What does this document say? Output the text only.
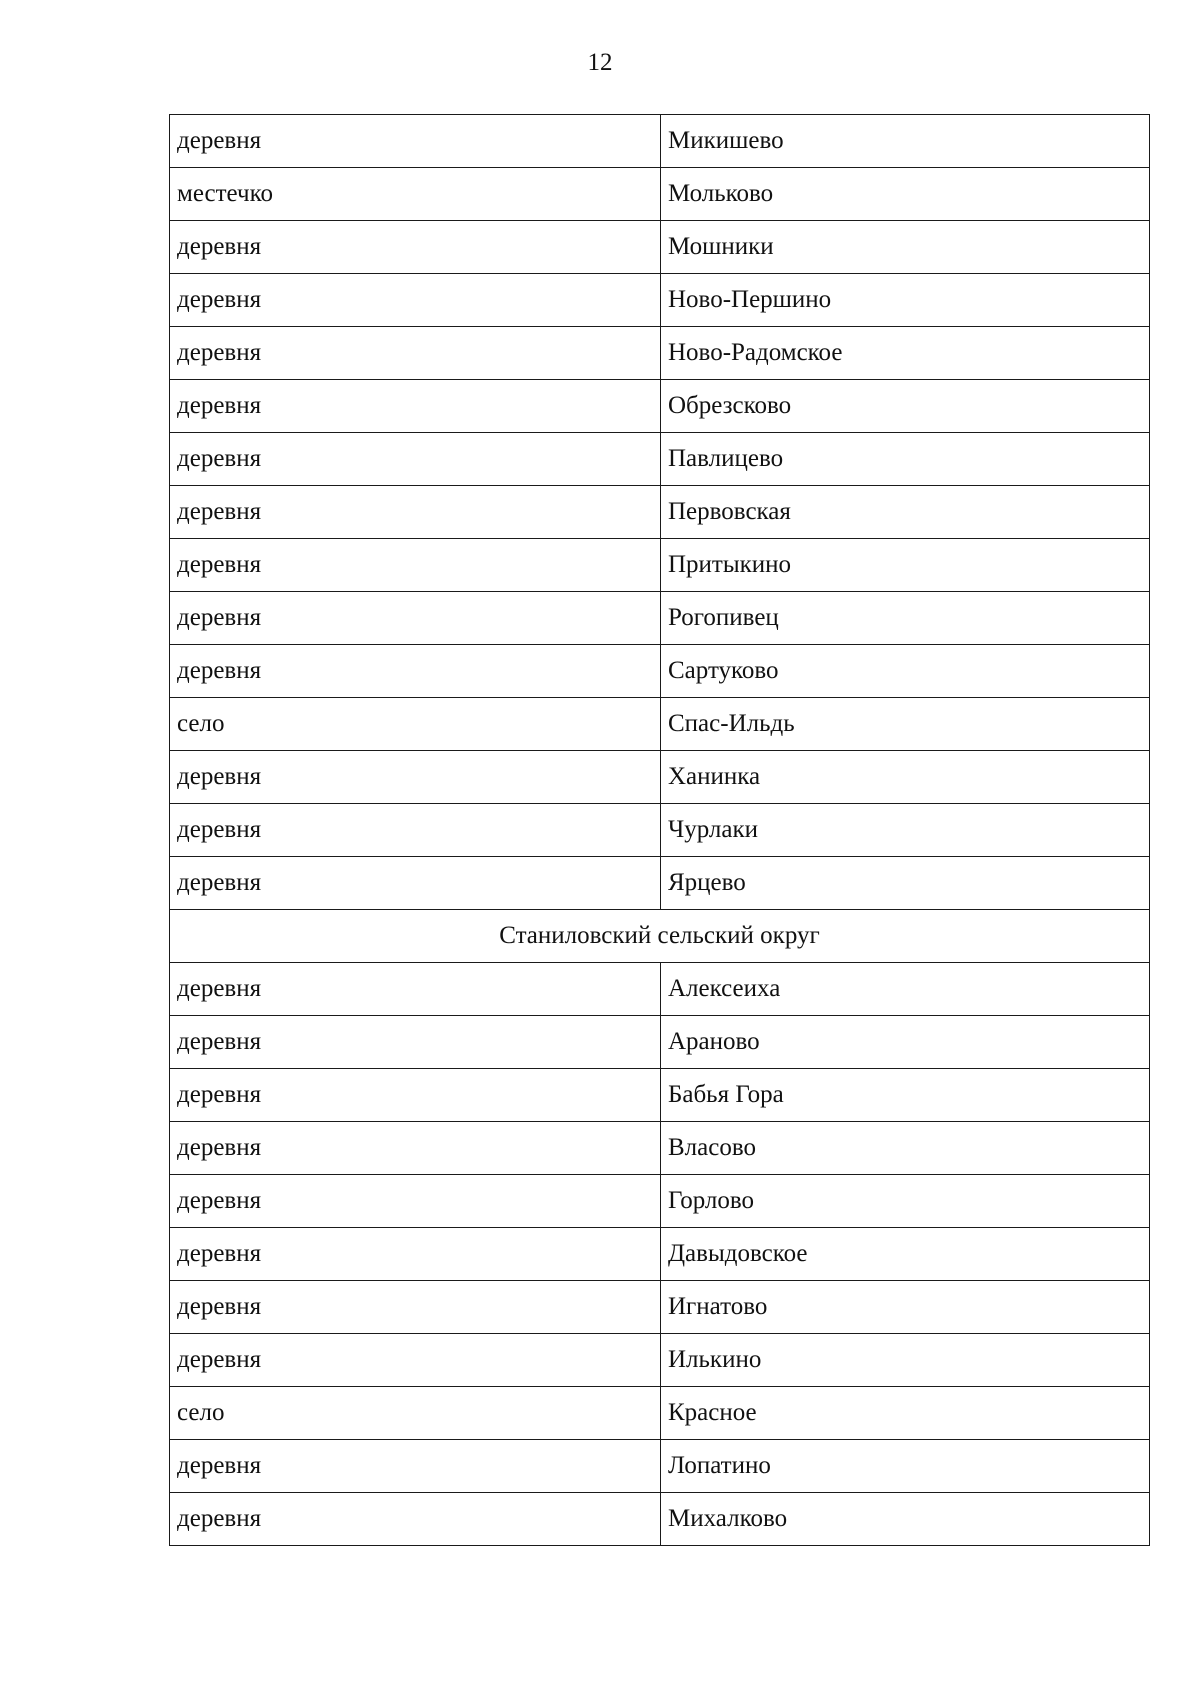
12
деревня	Микишево
местечко	Мольково
деревня	Мошники
деревня	Ново-Першино
деревня	Ново-Радомское
деревня	Обрезсково
деревня	Павлицево
деревня	Первовская
деревня	Притыкино
деревня	Рогопивец
деревня	Сартуково
село	Спас-Ильдь
деревня	Ханинка
деревня	Чурлаки
деревня	Ярцево
Станиловский сельский округ	
деревня	Алексеиха
деревня	Араново
деревня	Бабья Гора
деревня	Власово
деревня	Горлово
деревня	Давыдовское
деревня	Игнатово
деревня	Илькино
село	Красное
деревня	Лопатино
деревня	Михалково
